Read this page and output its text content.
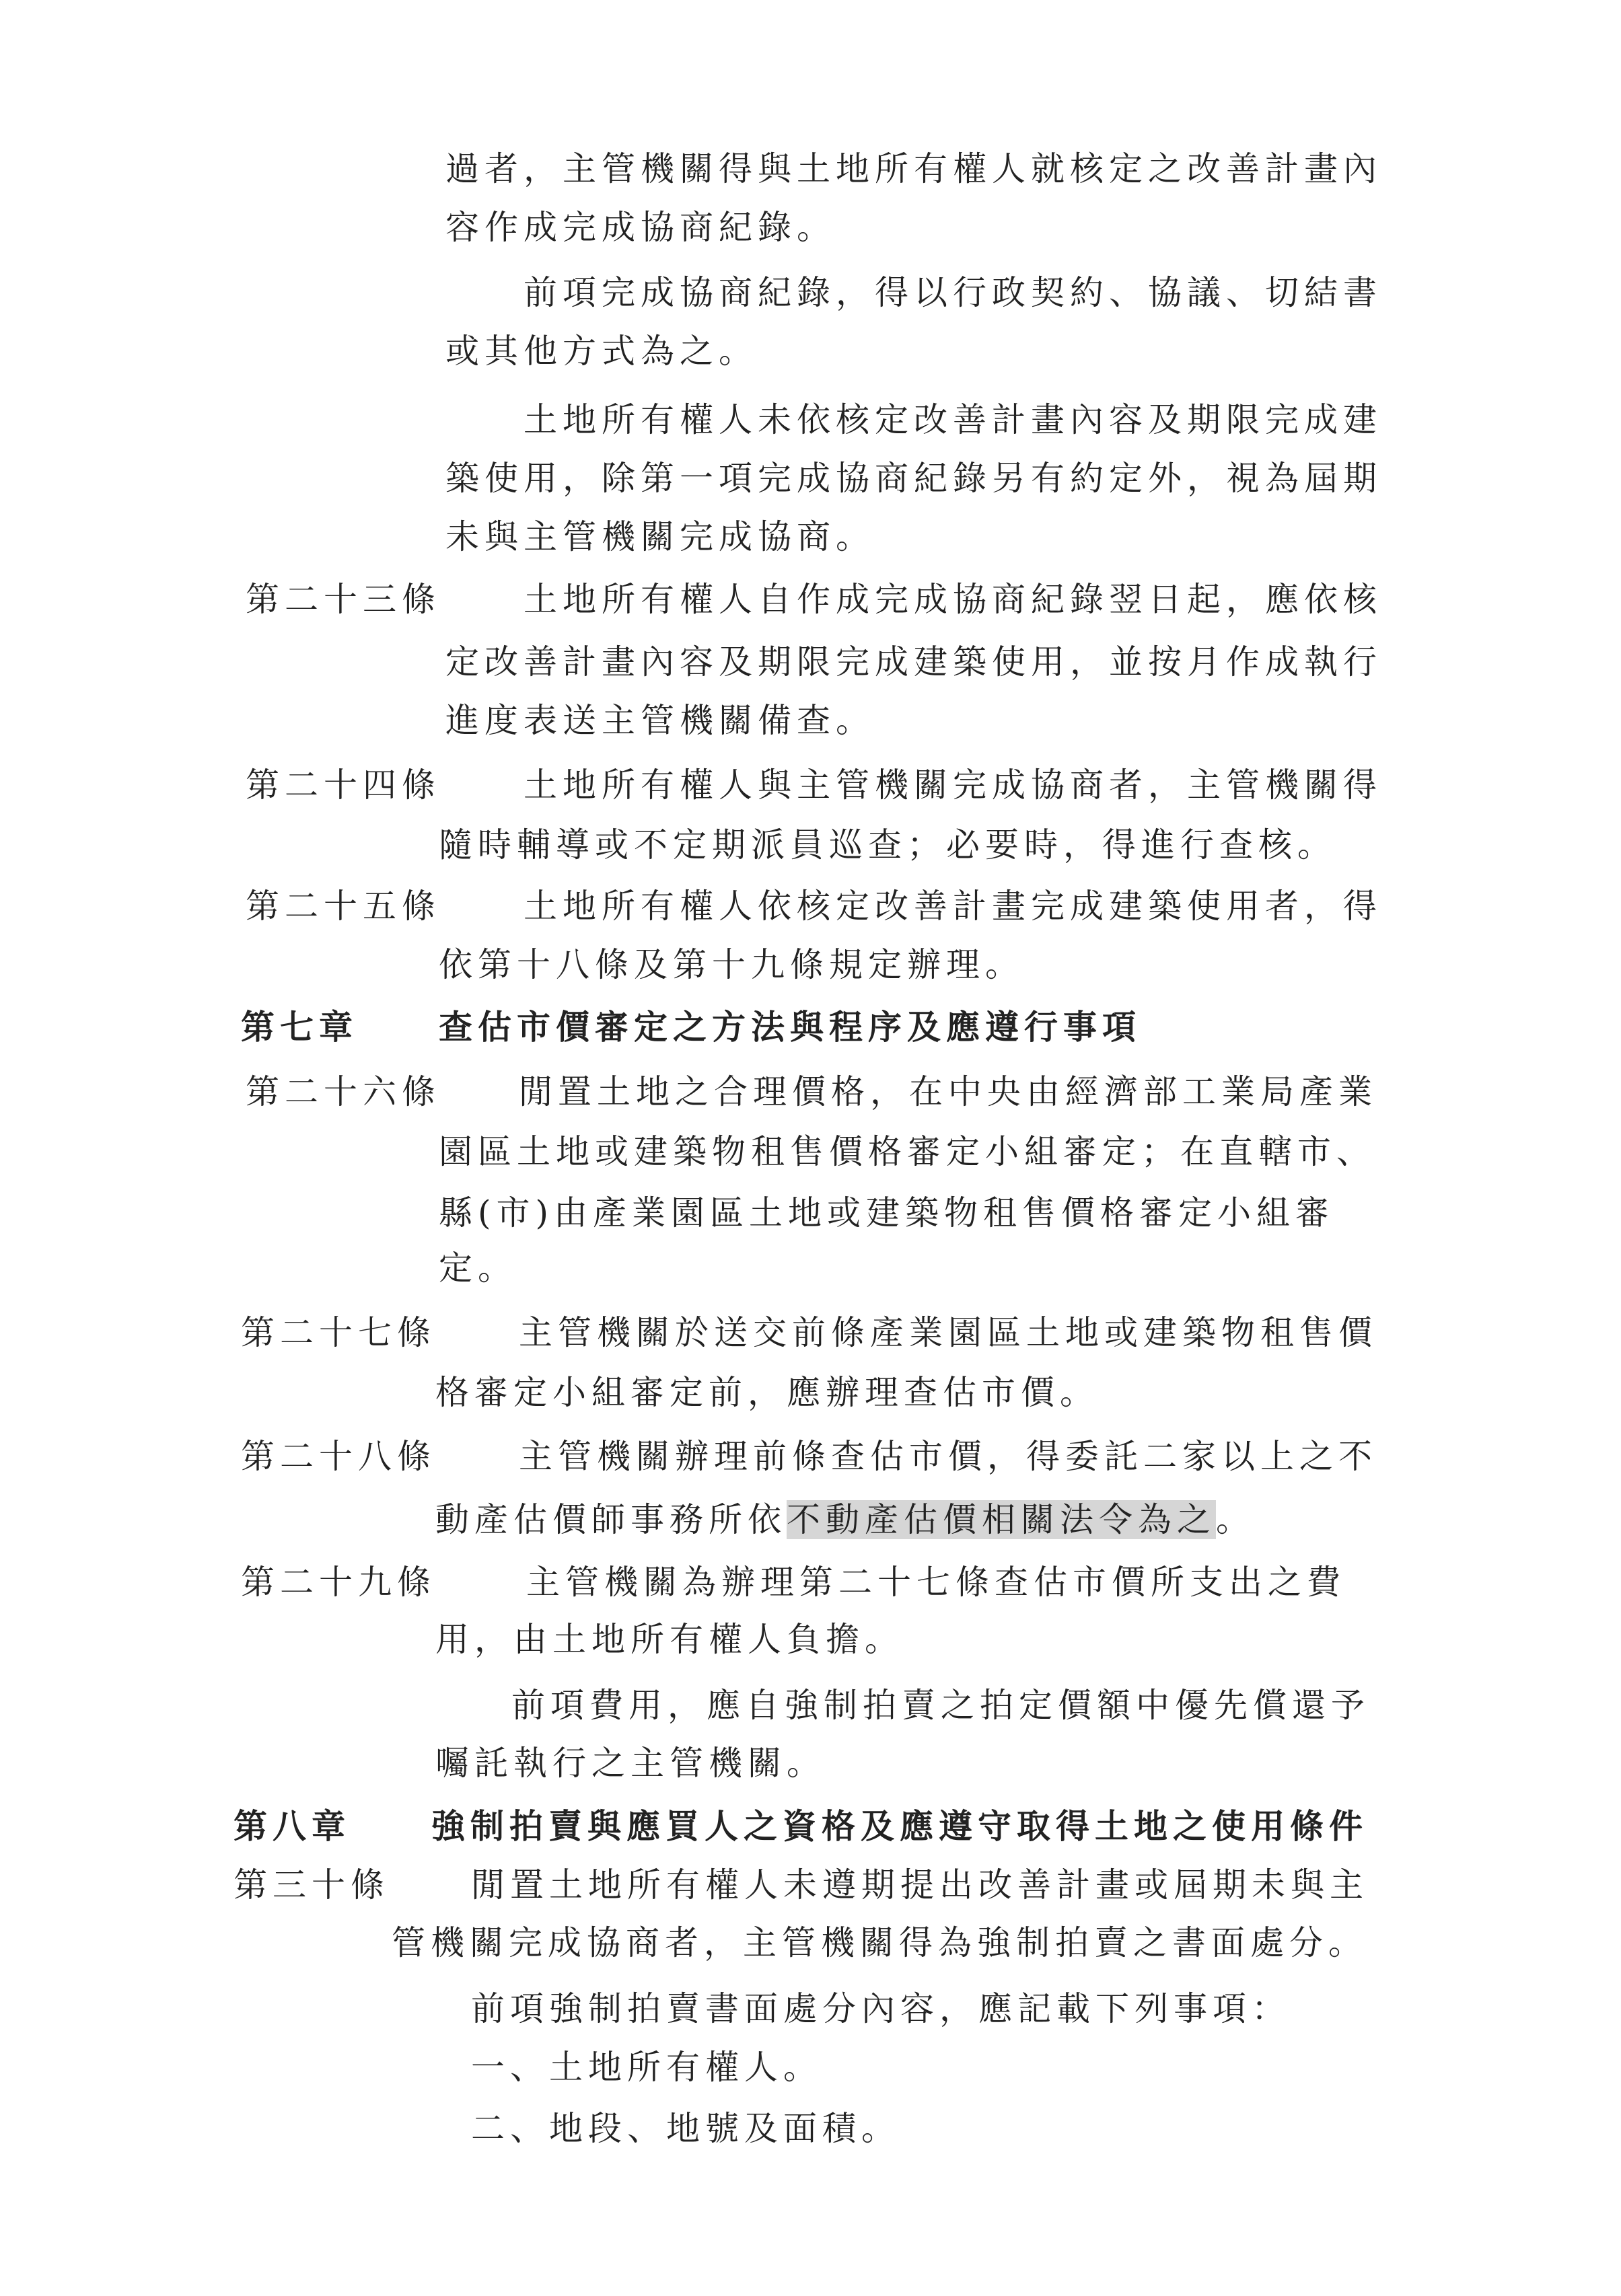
過者，主管機關得與土地所有權人就核定之改善計畫內
容作成完成協商紀錄。
前項完成協商紀錄，得以行政契約、協議、切結書
或其他方式為之。
土地所有權人未依核定改善計畫內容及期限完成建
築使用，除第一項完成協商紀錄另有約定外，視為屆期
未與主管機關完成協商。
第二十三條 土地所有權人自作成完成協商紀錄翌日起，應依核
定改善計畫內容及期限完成建築使用，並按月作成執行
進度表送主管機關備查。
第二十四條 土地所有權人與主管機關完成協商者，主管機關得
隨時輔導或不定期派員巡查；必要時，得進行查核。
第二十五條 土地所有權人依核定改善計畫完成建築使用者，得
依第十八條及第十九條規定辦理。
第七章 查估市價審定之方法與程序及應遵行事項
第二十六條 閒置土地之合理價格，在中央由經濟部工業局產業
園區土地或建築物租售價格審定小組審定；在直轄市、
縣(市)由產業園區土地或建築物租售價格審定小組審
定。
第二十七條 主管機關於送交前條產業園區土地或建築物租售價
格審定小組審定前，應辦理查估市價。
第二十八條 主管機關辦理前條查估市價，得委託二家以上之不
動產估價師事務所依不動產估價相關法令為之。
第二十九條	主管機關為辦理第二十七條查估市價所支出之費
用，由土地所有權人負擔。
前項費用，應自強制拍賣之拍定價額中優先償還予
囑託執行之主管機關。
第八章 強制拍賣與應買人之資格及應遵守取得土地之使用條件
第三十條 閒置土地所有權人未遵期提出改善計畫或屆期未與主
管機關完成協商者，主管機關得為強制拍賣之書面處分。
前項強制拍賣書面處分內容，應記載下列事項：
一、土地所有權人。
二、地段、地號及面積。
